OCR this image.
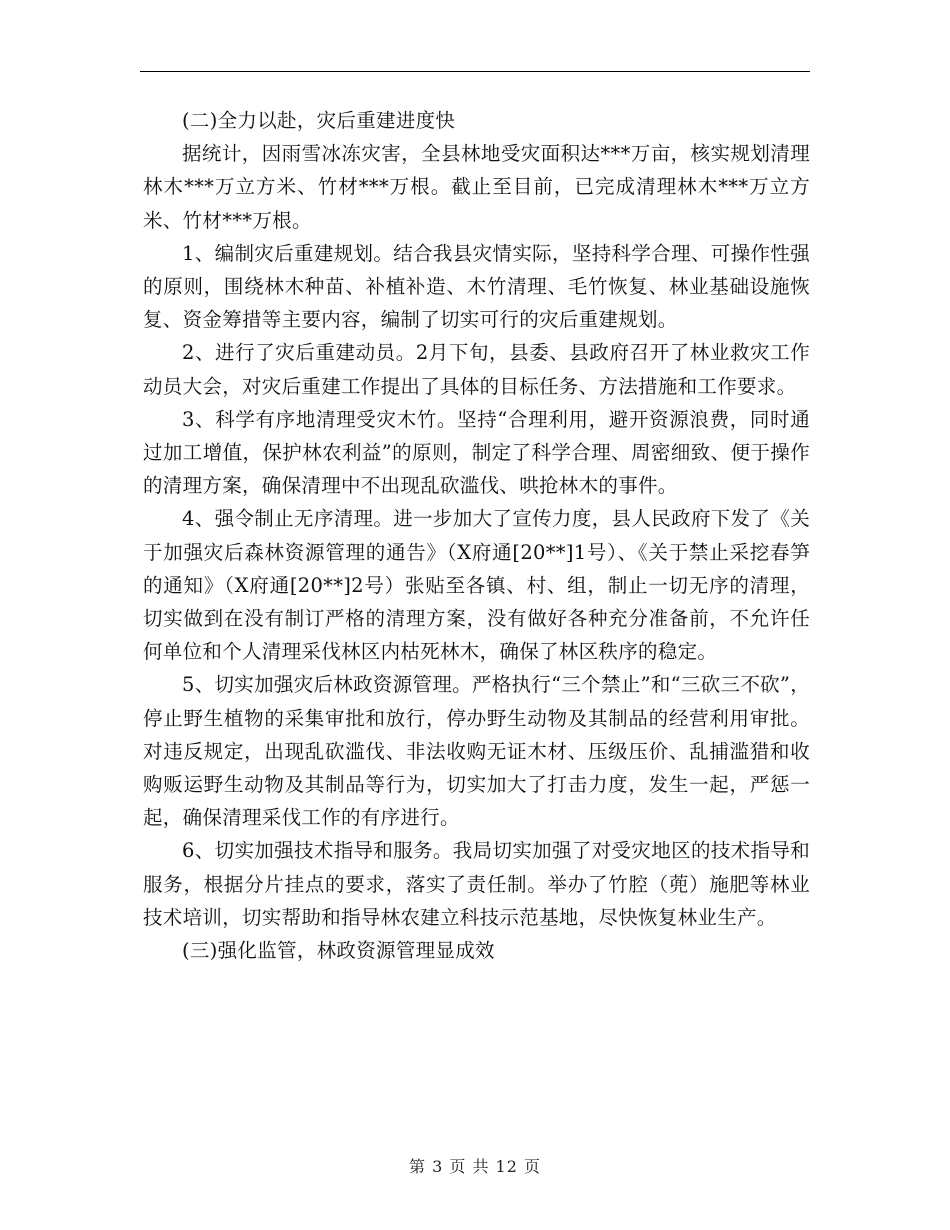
(二)全力以赴，灾后重建进度快

据统计，因雨雪冰冻灾害，全县林地受灾面积达***万亩，核实规划清理林木***万立方米、竹材***万根。截止至目前，已完成清理林木***万立方米、竹材***万根。

1、编制灾后重建规划。结合我县灾情实际，坚持科学合理、可操作性强的原则，围绕林木种苗、补植补造、木竹清理、毛竹恢复、林业基础设施恢复、资金筹措等主要内容，编制了切实可行的灾后重建规划。

2、进行了灾后重建动员。2月下旬，县委、县政府召开了林业救灾工作动员大会，对灾后重建工作提出了具体的目标任务、方法措施和工作要求。

3、科学有序地清理受灾木竹。坚持“合理利用，避开资源浪费，同时通过加工增值，保护林农利益”的原则，制定了科学合理、周密细致、便于操作的清理方案，确保清理中不出现乱砍滥伐、哄抢林木的事件。

4、强令制止无序清理。进一步加大了宣传力度，县人民政府下发了《关于加强灾后森林资源管理的通告》（X府通[20**]1号）、《关于禁止采挖春笋的通知》（X府通[20**]2号）张贴至各镇、村、组，制止一切无序的清理，切实做到在没有制订严格的清理方案，没有做好各种充分准备前，不允许任何单位和个人清理采伐林区内枯死林木，确保了林区秩序的稳定。

5、切实加强灾后林政资源管理。严格执行“三个禁止”和“三砍三不砍”，停止野生植物的采集审批和放行，停办野生动物及其制品的经营利用审批。对违反规定，出现乱砍滥伐、非法收购无证木材、压级压价、乱捕滥猎和收购贩运野生动物及其制品等行为，切实加大了打击力度，发生一起，严惩一起，确保清理采伐工作的有序进行。

6、切实加强技术指导和服务。我局切实加强了对受灾地区的技术指导和服务，根据分片挂点的要求，落实了责任制。举办了竹腔（蔸）施肥等林业技术培训，切实帮助和指导林农建立科技示范基地，尽快恢复林业生产。

(三)强化监管，林政资源管理显成效

第 3 页 共 12 页
